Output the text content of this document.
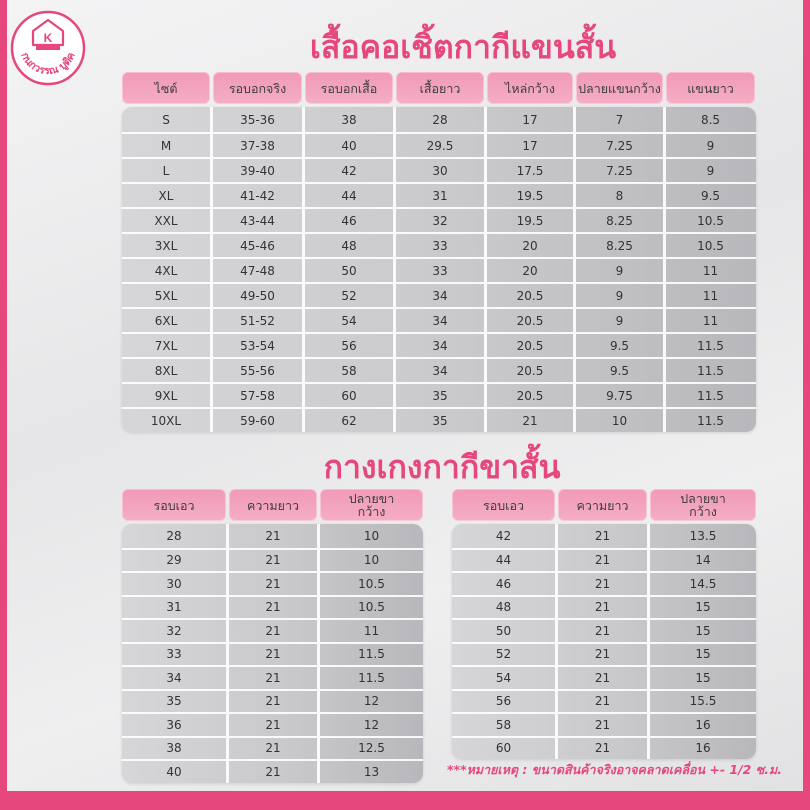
K
กนกวรรณ บูติค	เสื้อคอเชิ้ตกากีแขนสั้น
ไซต์	รอบอกจริง	รอบอกเสื้อ	เสื้อยาว	ไหล่กว้าง	ปลายแขนกว้าง	แขนยาว
S	35-36	38	28	17	7	8.5
M	37-38	40	29.5	17	7.25	9
L	39-40	42	30	17.5	7.25	9
XL	41-42	44	31	19.5	8	9.5
XXL	43-44	46	32	19.5	8.25	10.5
3XL	45-46	48	33	20	8.25	10.5
4XL	47-48	50	33	20	9	11
5XL	49-50	52	34	20.5	9	11
6XL	51-52	54	34	20.5	9	11
7XL	53-54	56	34	20.5	9.5	11.5
8XL	55-56	58	34	20.5	9.5	11.5
9XL	57-58	60	35	20.5	9.75	11.5
10XL	59-60	62	35	21	10	11.5
กางเกงกากีขาสั้น
รอบเอว	ความยาว	ปลายขา
กว้าง
28	21	10
29	21	10
30	21	10.5
31	21	10.5
32	21	11
33	21	11.5
34	21	11.5
35	21	12
36	21	12
38	21	12.5
40	21	13
รอบเอว	ความยาว	ปลายขา
กว้าง
42	21	13.5
44	21	14
46	21	14.5
48	21	15
50	21	15
52	21	15
54	21	15
56	21	15.5
58	21	16
60	21	16
***หมายเหตุ : ขนาดสินค้าจริงอาจคลาดเคลื่อน +- 1/2 ซ.ม.
